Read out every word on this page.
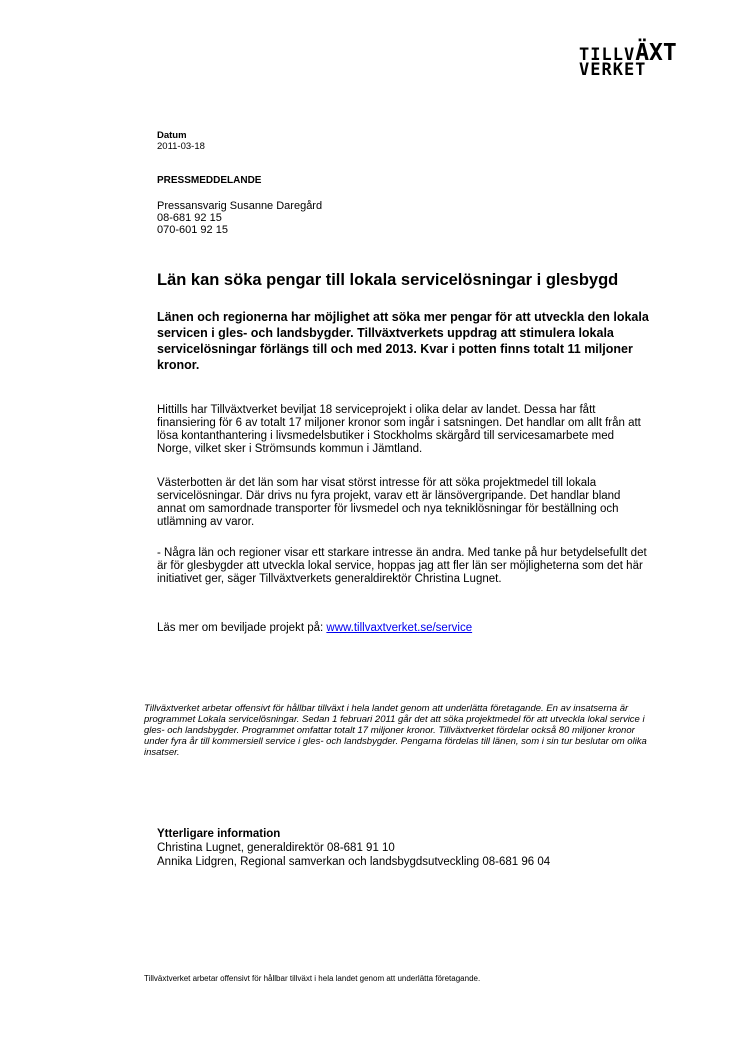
TILLVÄXT
VERKET
Datum
2011-03-18
PRESSMEDDELANDE
Pressansvarig Susanne Daregård
08-681 92 15
070-601 92 15
Län kan söka pengar till lokala servicelösningar i glesbygd

Länen och regionerna har möjlighet att söka mer pengar för att utveckla den lokala servicen i gles- och landsbygder. Tillväxtverkets uppdrag att stimulera lokala servicelösningar förlängs till och med 2013. Kvar i potten finns totalt 11 miljoner kronor.

Hittills har Tillväxtverket beviljat 18 serviceprojekt i olika delar av landet. Dessa har fått finansiering för 6 av totalt 17 miljoner kronor som ingår i satsningen. Det handlar om allt från att lösa kontanthantering i livsmedelsbutiker i Stockholms skärgård till servicesamarbete med Norge, vilket sker i Strömsunds kommun i Jämtland.

Västerbotten är det län som har visat störst intresse för att söka projektmedel till lokala servicelösningar. Där drivs nu fyra projekt, varav ett är länsövergripande. Det handlar bland annat om samordnade transporter för livsmedel och nya tekniklösningar för beställning och utlämning av varor.

- Några län och regioner visar ett starkare intresse än andra. Med tanke på hur betydelsefullt det är för glesbygder att utveckla lokal service, hoppas jag att fler län ser möjligheterna som det här initiativet ger, säger Tillväxtverkets generaldirektör Christina Lugnet.

Läs mer om beviljade projekt på: www.tillvaxtverket.se/service

Tillväxtverket arbetar offensivt för hållbar tillväxt i hela landet genom att underlätta företagande. En av insatserna är programmet Lokala servicelösningar. Sedan 1 februari 2011 går det att söka projektmedel för att utveckla lokal service i gles- och landsbygder. Programmet omfattar totalt 17 miljoner kronor. Tillväxtverket fördelar också 80 miljoner kronor under fyra år till kommersiell service i gles- och landsbygder. Pengarna fördelas till länen, som i sin tur beslutar om olika insatser.

Ytterligare information
Christina Lugnet, generaldirektör 08-681 91 10
Annika Lidgren, Regional samverkan och landsbygdsutveckling 08-681 96 04
Tillväxtverket arbetar offensivt för hållbar tillväxt i hela landet genom att underlätta företagande.
